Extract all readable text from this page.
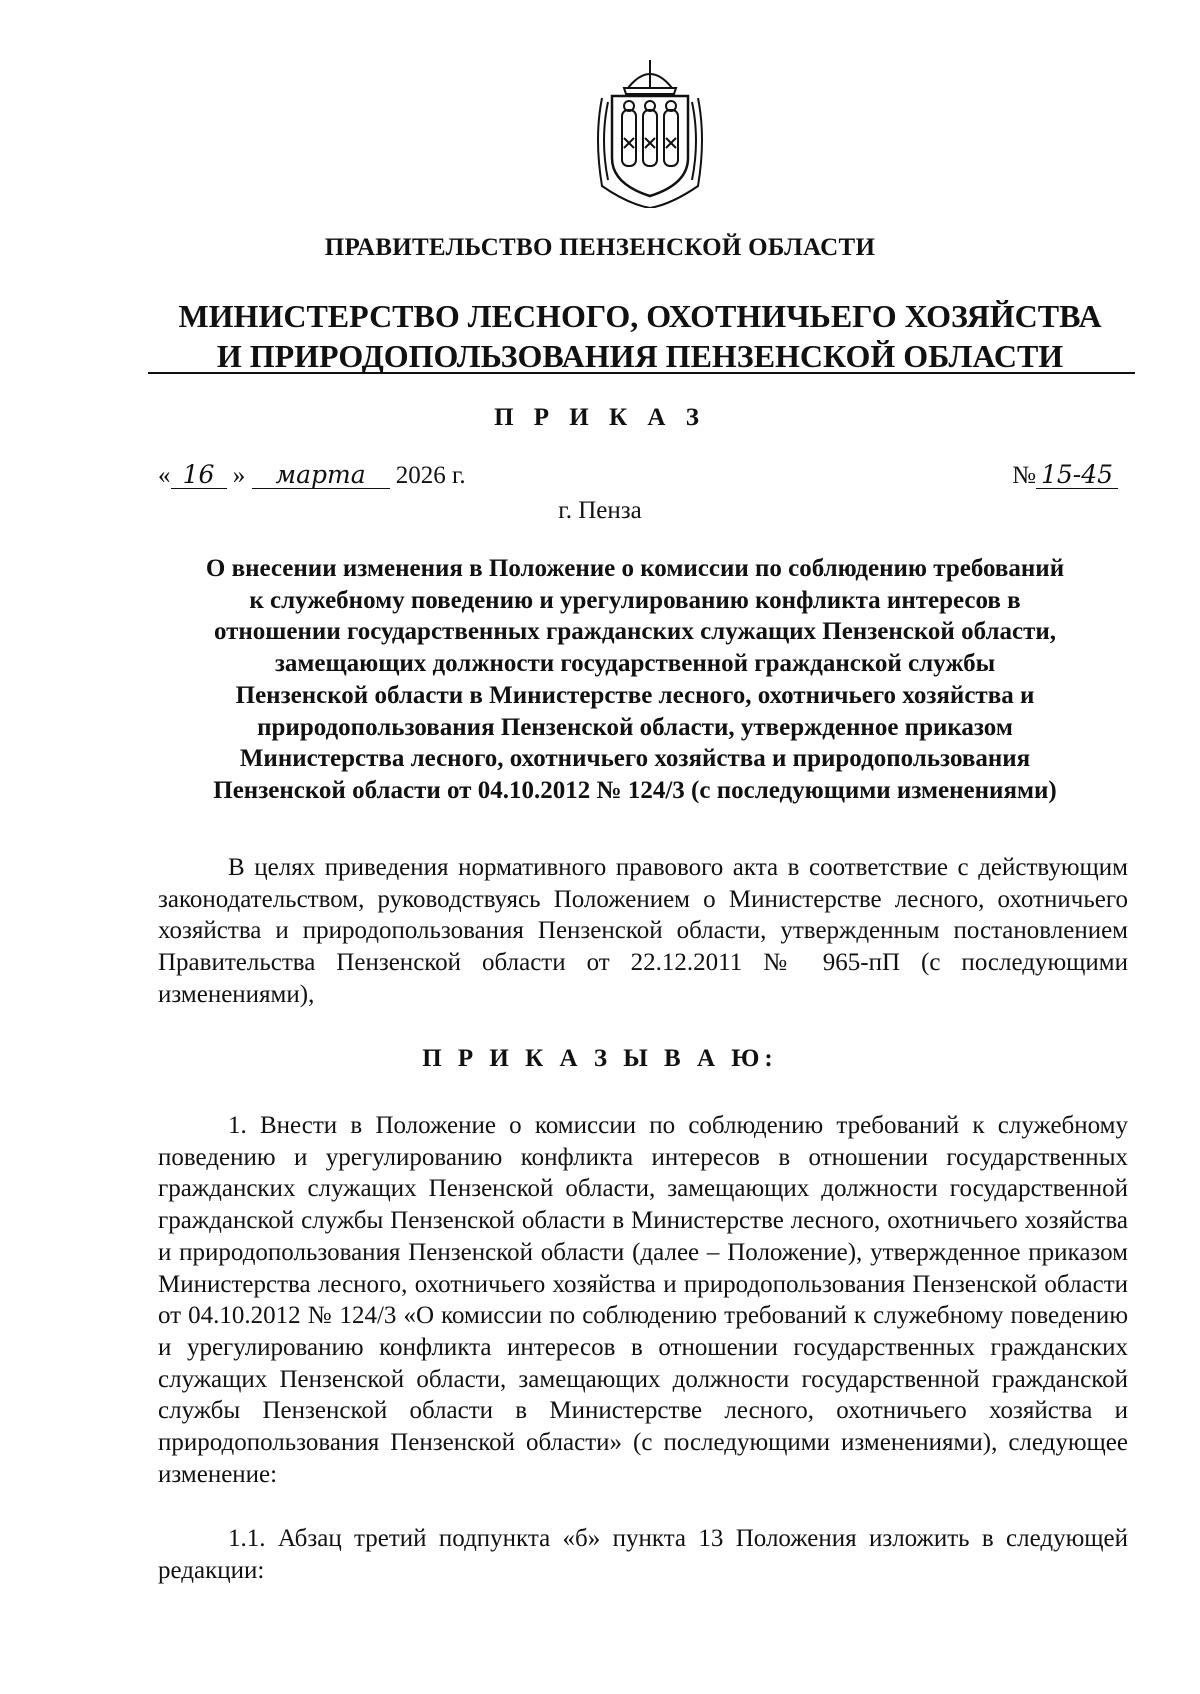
ПРАВИТЕЛЬСТВО ПЕНЗЕНСКОЙ ОБЛАСТИ
МИНИСТЕРСТВО ЛЕСНОГО, ОХОТНИЧЬЕГО ХОЗЯЙСТВА
И ПРИРОДОПОЛЬЗОВАНИЯ ПЕНЗЕНСКОЙ ОБЛАСТИ
П Р И К А З
« 16 » марта 2026 г.	№ 15-45
г. Пенза
О внесении изменения в Положение о комиссии по соблюдению требований
к служебному поведению и урегулированию конфликта интересов в
отношении государственных гражданских служащих Пензенской области,
замещающих должности государственной гражданской службы
Пензенской области в Министерстве лесного, охотничьего хозяйства и
природопользования Пензенской области, утвержденное приказом
Министерства лесного, охотничьего хозяйства и природопользования
Пензенской области от 04.10.2012 № 124/3 (с последующими изменениями)
В целях приведения нормативного правового акта в соответствие с действующим законодательством, руководствуясь Положением о Министерстве лесного, охотничьего хозяйства и природопользования Пензенской области, утвержденным постановлением Правительства Пензенской области от 22.12.2011 № 965-пП (с последующими изменениями),
П Р И К А З Ы В А Ю:
1. Внести в Положение о комиссии по соблюдению требований к служебному поведению и урегулированию конфликта интересов в отношении государственных гражданских служащих Пензенской области, замещающих должности государственной гражданской службы Пензенской области в Министерстве лесного, охотничьего хозяйства и природопользования Пензенской области (далее – Положение), утвержденное приказом Министерства лесного, охотничьего хозяйства и природопользования Пензенской области от 04.10.2012 № 124/3 «О комиссии по соблюдению требований к служебному поведению и урегулированию конфликта интересов в отношении государственных гражданских служащих Пензенской области, замещающих должности государственной гражданской службы Пензенской области в Министерстве лесного, охотничьего хозяйства и природопользования Пензенской области» (с последующими изменениями), следующее изменение:
1.1. Абзац третий подпункта «б» пункта 13 Положения изложить в следующей редакции:
